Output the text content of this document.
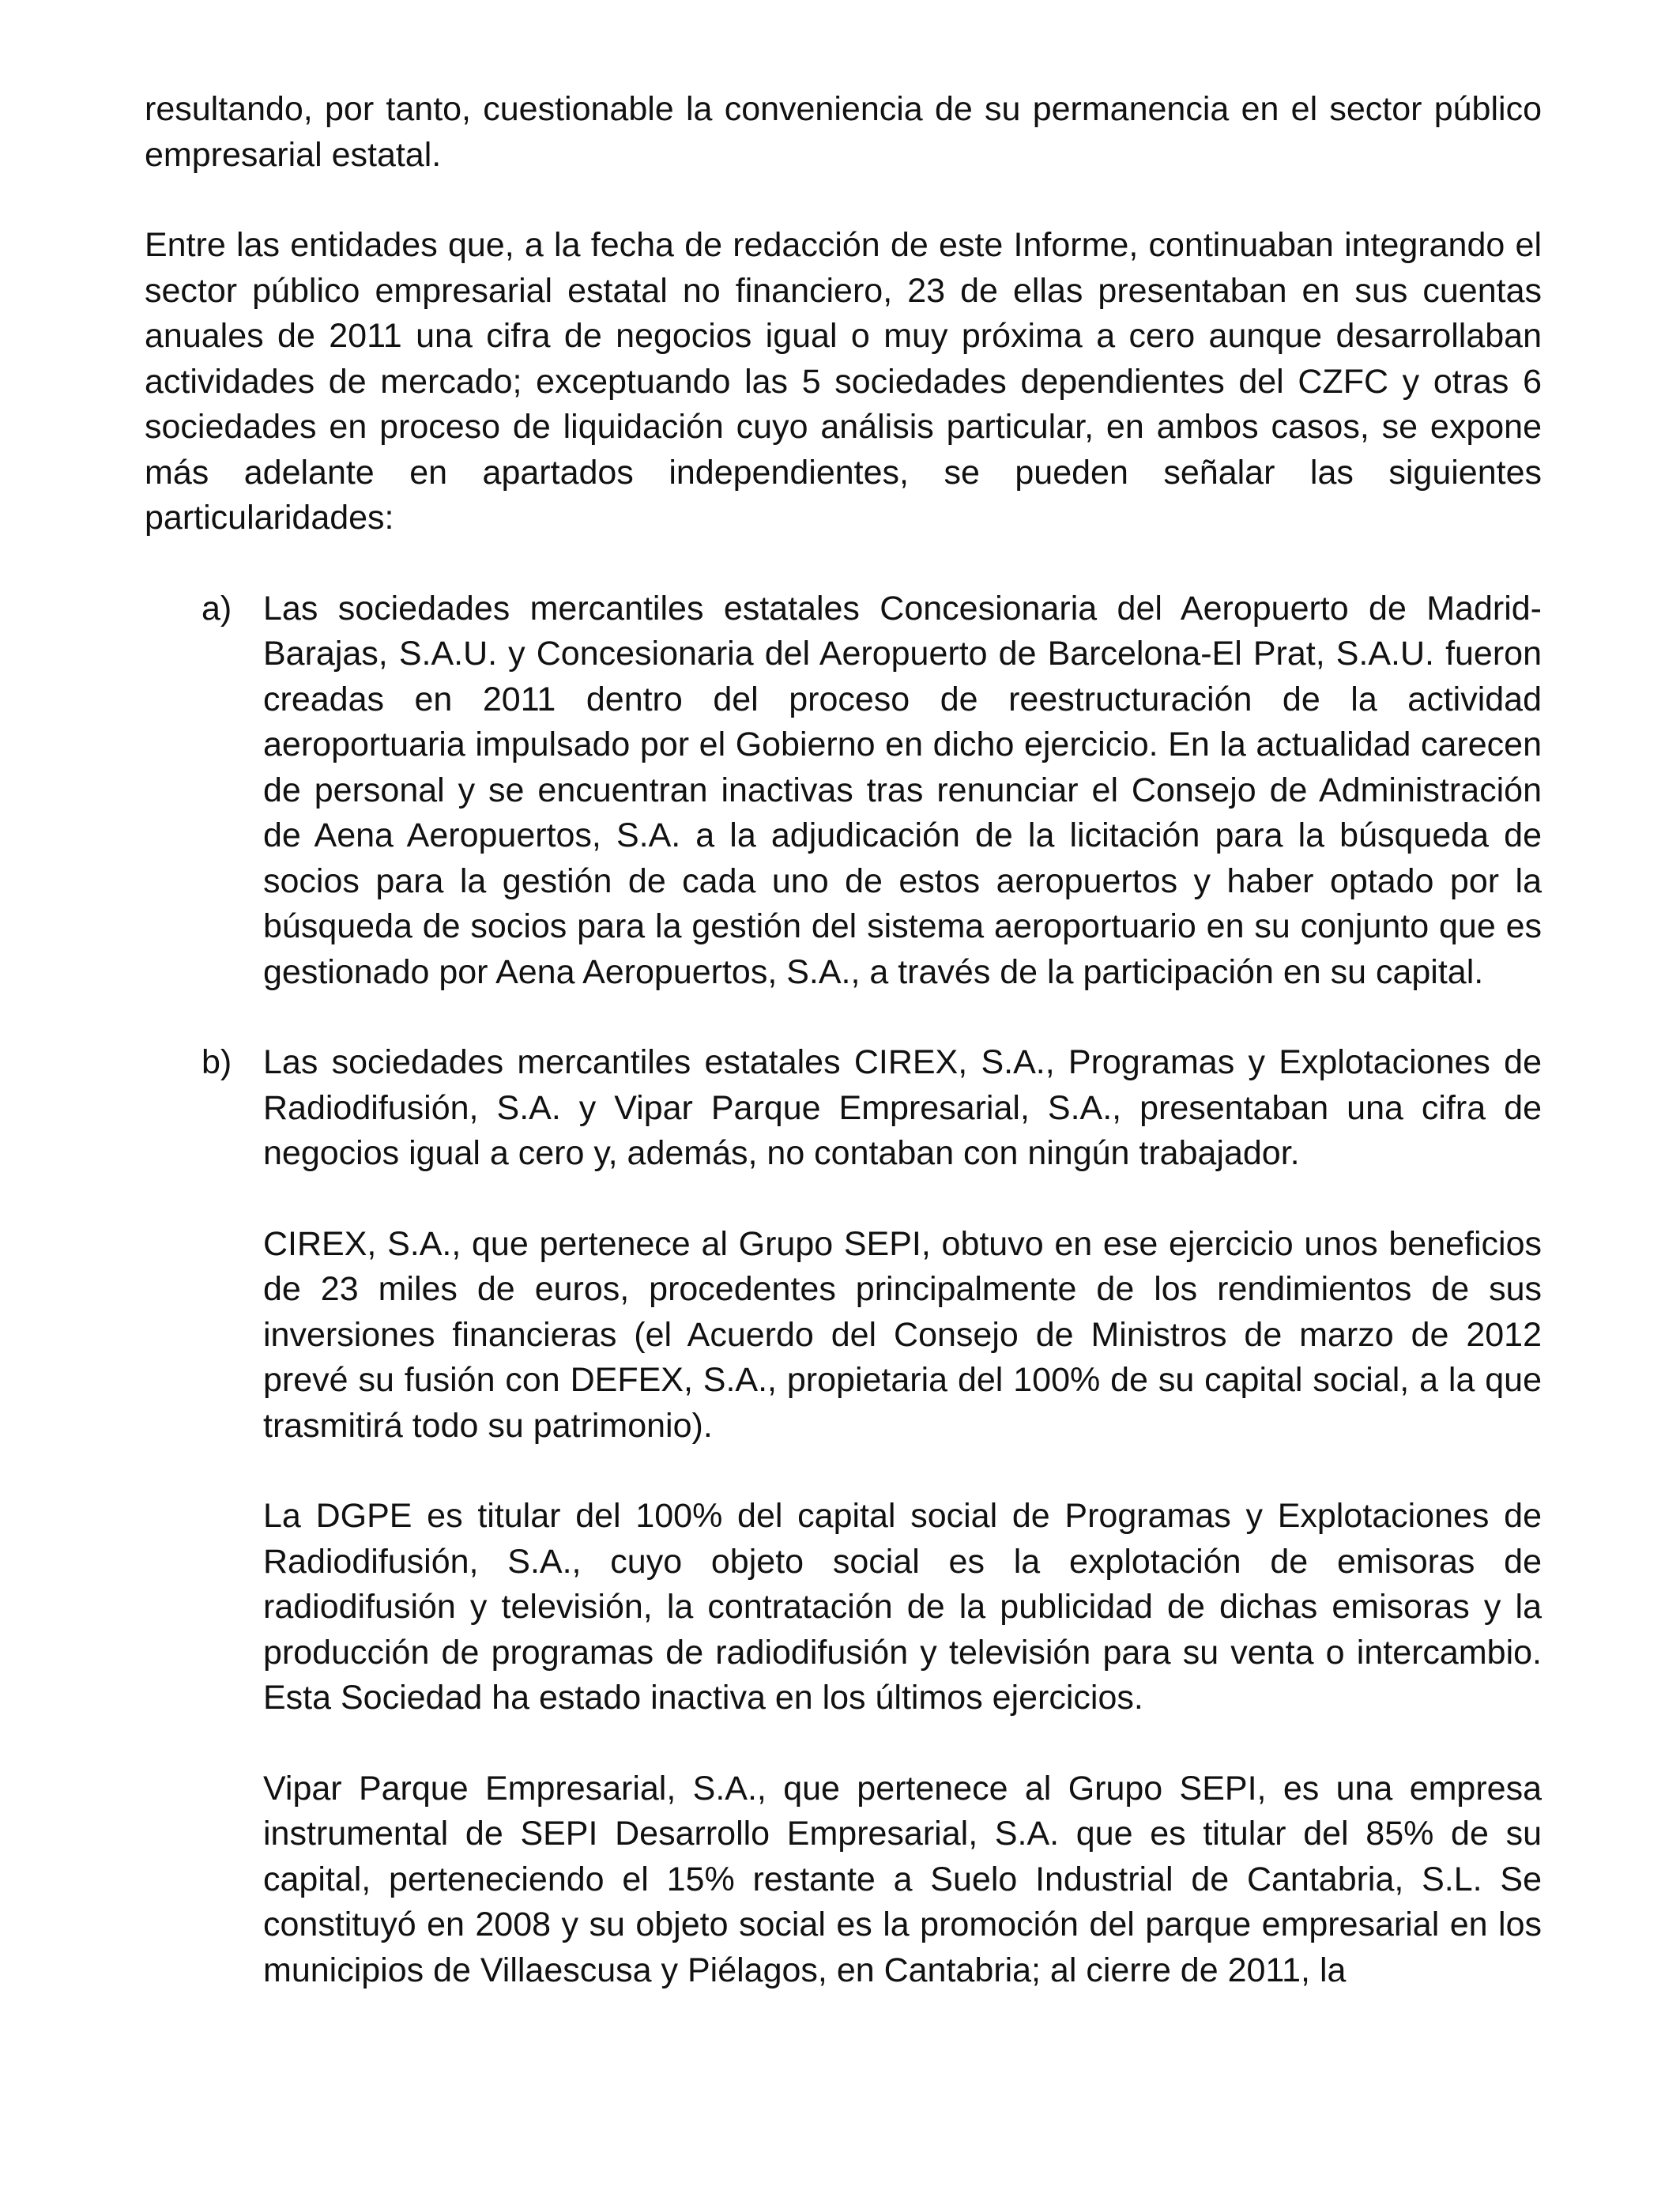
resultando, por tanto, cuestionable la conveniencia de su permanencia en el sector público empresarial estatal.

Entre las entidades que, a la fecha de redacción de este Informe, continuaban integrando el sector público empresarial estatal no financiero, 23 de ellas presentaban en sus cuentas anuales de 2011 una cifra de negocios igual o muy próxima a cero aunque desarrollaban actividades de mercado; exceptuando las 5 sociedades dependientes del CZFC y otras 6 sociedades en proceso de liquidación cuyo análisis particular, en ambos casos, se expone más adelante en apartados independientes, se pueden señalar las siguientes particularidades:

a) Las sociedades mercantiles estatales Concesionaria del Aeropuerto de Madrid-Barajas, S.A.U. y Concesionaria del Aeropuerto de Barcelona-El Prat, S.A.U. fueron creadas en 2011 dentro del proceso de reestructuración de la actividad aeroportuaria impulsado por el Gobierno en dicho ejercicio. En la actualidad carecen de personal y se encuentran inactivas tras renunciar el Consejo de Administración de Aena Aeropuertos, S.A. a la adjudicación de la licitación para la búsqueda de socios para la gestión de cada uno de estos aeropuertos y haber optado por la búsqueda de socios para la gestión del sistema aeroportuario en su conjunto que es gestionado por Aena Aeropuertos, S.A., a través de la participación en su capital.

b) Las sociedades mercantiles estatales CIREX, S.A., Programas y Explotaciones de Radiodifusión, S.A. y Vipar Parque Empresarial, S.A., presentaban una cifra de negocios igual a cero y, además, no contaban con ningún trabajador.

CIREX, S.A., que pertenece al Grupo SEPI, obtuvo en ese ejercicio unos beneficios de 23 miles de euros, procedentes principalmente de los rendimientos de sus inversiones financieras (el Acuerdo del Consejo de Ministros de marzo de 2012 prevé su fusión con DEFEX, S.A., propietaria del 100% de su capital social, a la que trasmitirá todo su patrimonio).

La DGPE es titular del 100% del capital social de Programas y Explotaciones de Radiodifusión, S.A., cuyo objeto social es la explotación de emisoras de radiodifusión y televisión, la contratación de la publicidad de dichas emisoras y la producción de programas de radiodifusión y televisión para su venta o intercambio. Esta Sociedad ha estado inactiva en los últimos ejercicios.

Vipar Parque Empresarial, S.A., que pertenece al Grupo SEPI, es una empresa instrumental de SEPI Desarrollo Empresarial, S.A. que es titular del 85% de su capital, perteneciendo el 15% restante a Suelo Industrial de Cantabria, S.L. Se constituyó en 2008 y su objeto social es la promoción del parque empresarial en los municipios de Villaescusa y Piélagos, en Cantabria; al cierre de 2011, la
